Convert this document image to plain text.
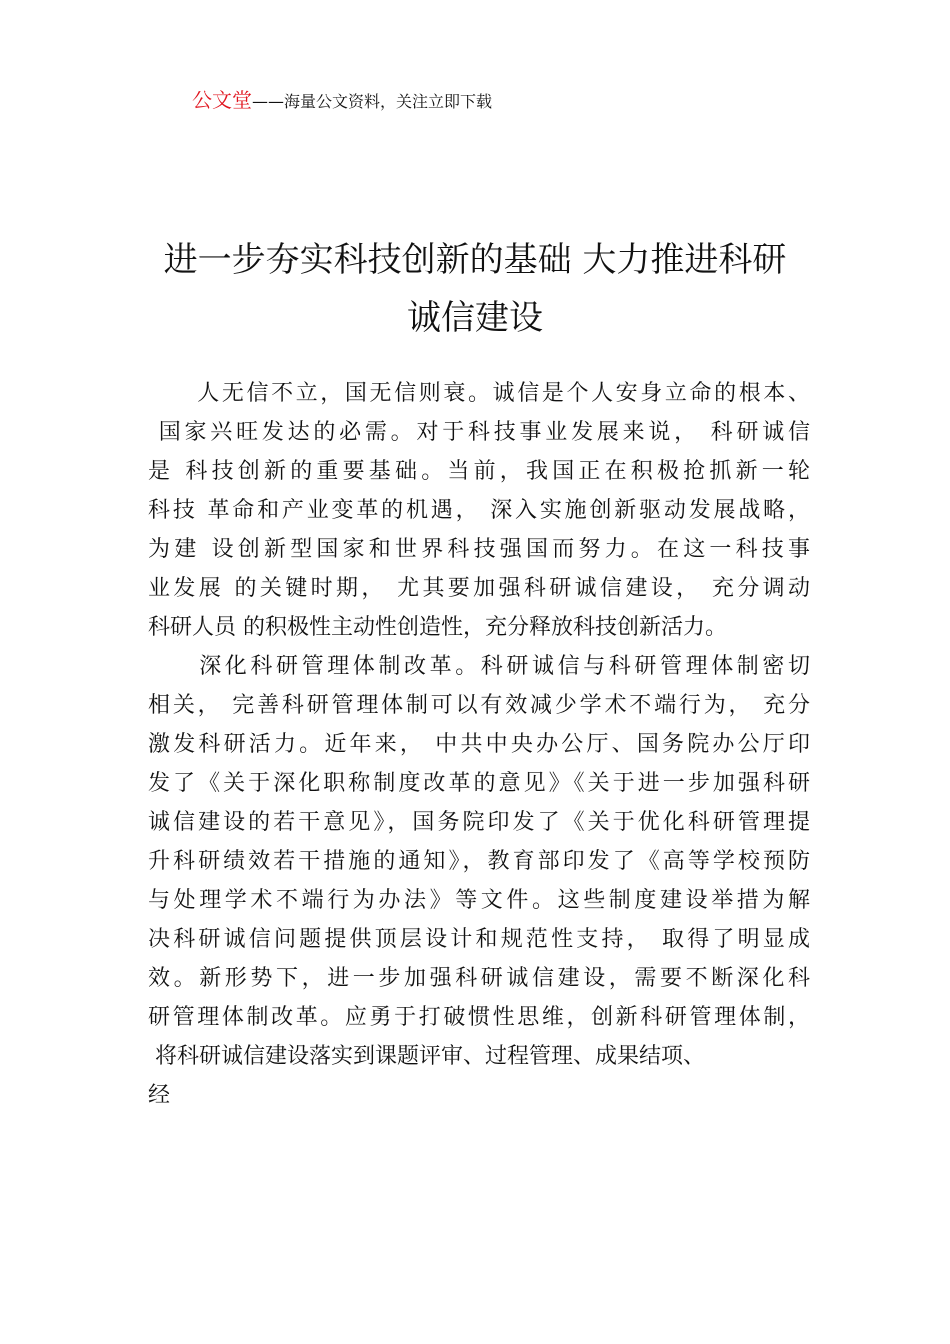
公文堂——海量公文资料，关注立即下载
进一步夯实科技创新的基础 大力推进科研
诚信建设
　　人无信不立，国无信则衰。诚信是个人安身立命的根本、
国家兴旺发达的必需。对于科技事业发展来说， 科研诚信
是 科技创新的重要基础。当前，我国正在积极抢抓新一轮
科技 革命和产业变革的机遇， 深入实施创新驱动发展战略，
为建 设创新型国家和世界科技强国而努力。在这一科技事
业发展 的关键时期， 尤其要加强科研诚信建设， 充分调动
科研人员 的积极性主动性创造性，充分释放科技创新活力。
　　深化科研管理体制改革。科研诚信与科研管理体制密切
相关， 完善科研管理体制可以有效减少学术不端行为， 充分
激发科研活力。近年来， 中共中央办公厅、国务院办公厅印
发了《关于深化职称制度改革的意见》《关于进一步加强科研
诚信建设的若干意见》，国务院印发了《关于优化科研管理提
升科研绩效若干措施的通知》，教育部印发了《高等学校预防
与处理学术不端行为办法》等文件。这些制度建设举措为解
决科研诚信问题提供顶层设计和规范性支持， 取得了明显成
效。新形势下，进一步加强科研诚信建设，需要不断深化科
研管理体制改革。应勇于打破惯性思维，创新科研管理体制，
将科研诚信建设落实到课题评审、过程管理、成果结项、
经
